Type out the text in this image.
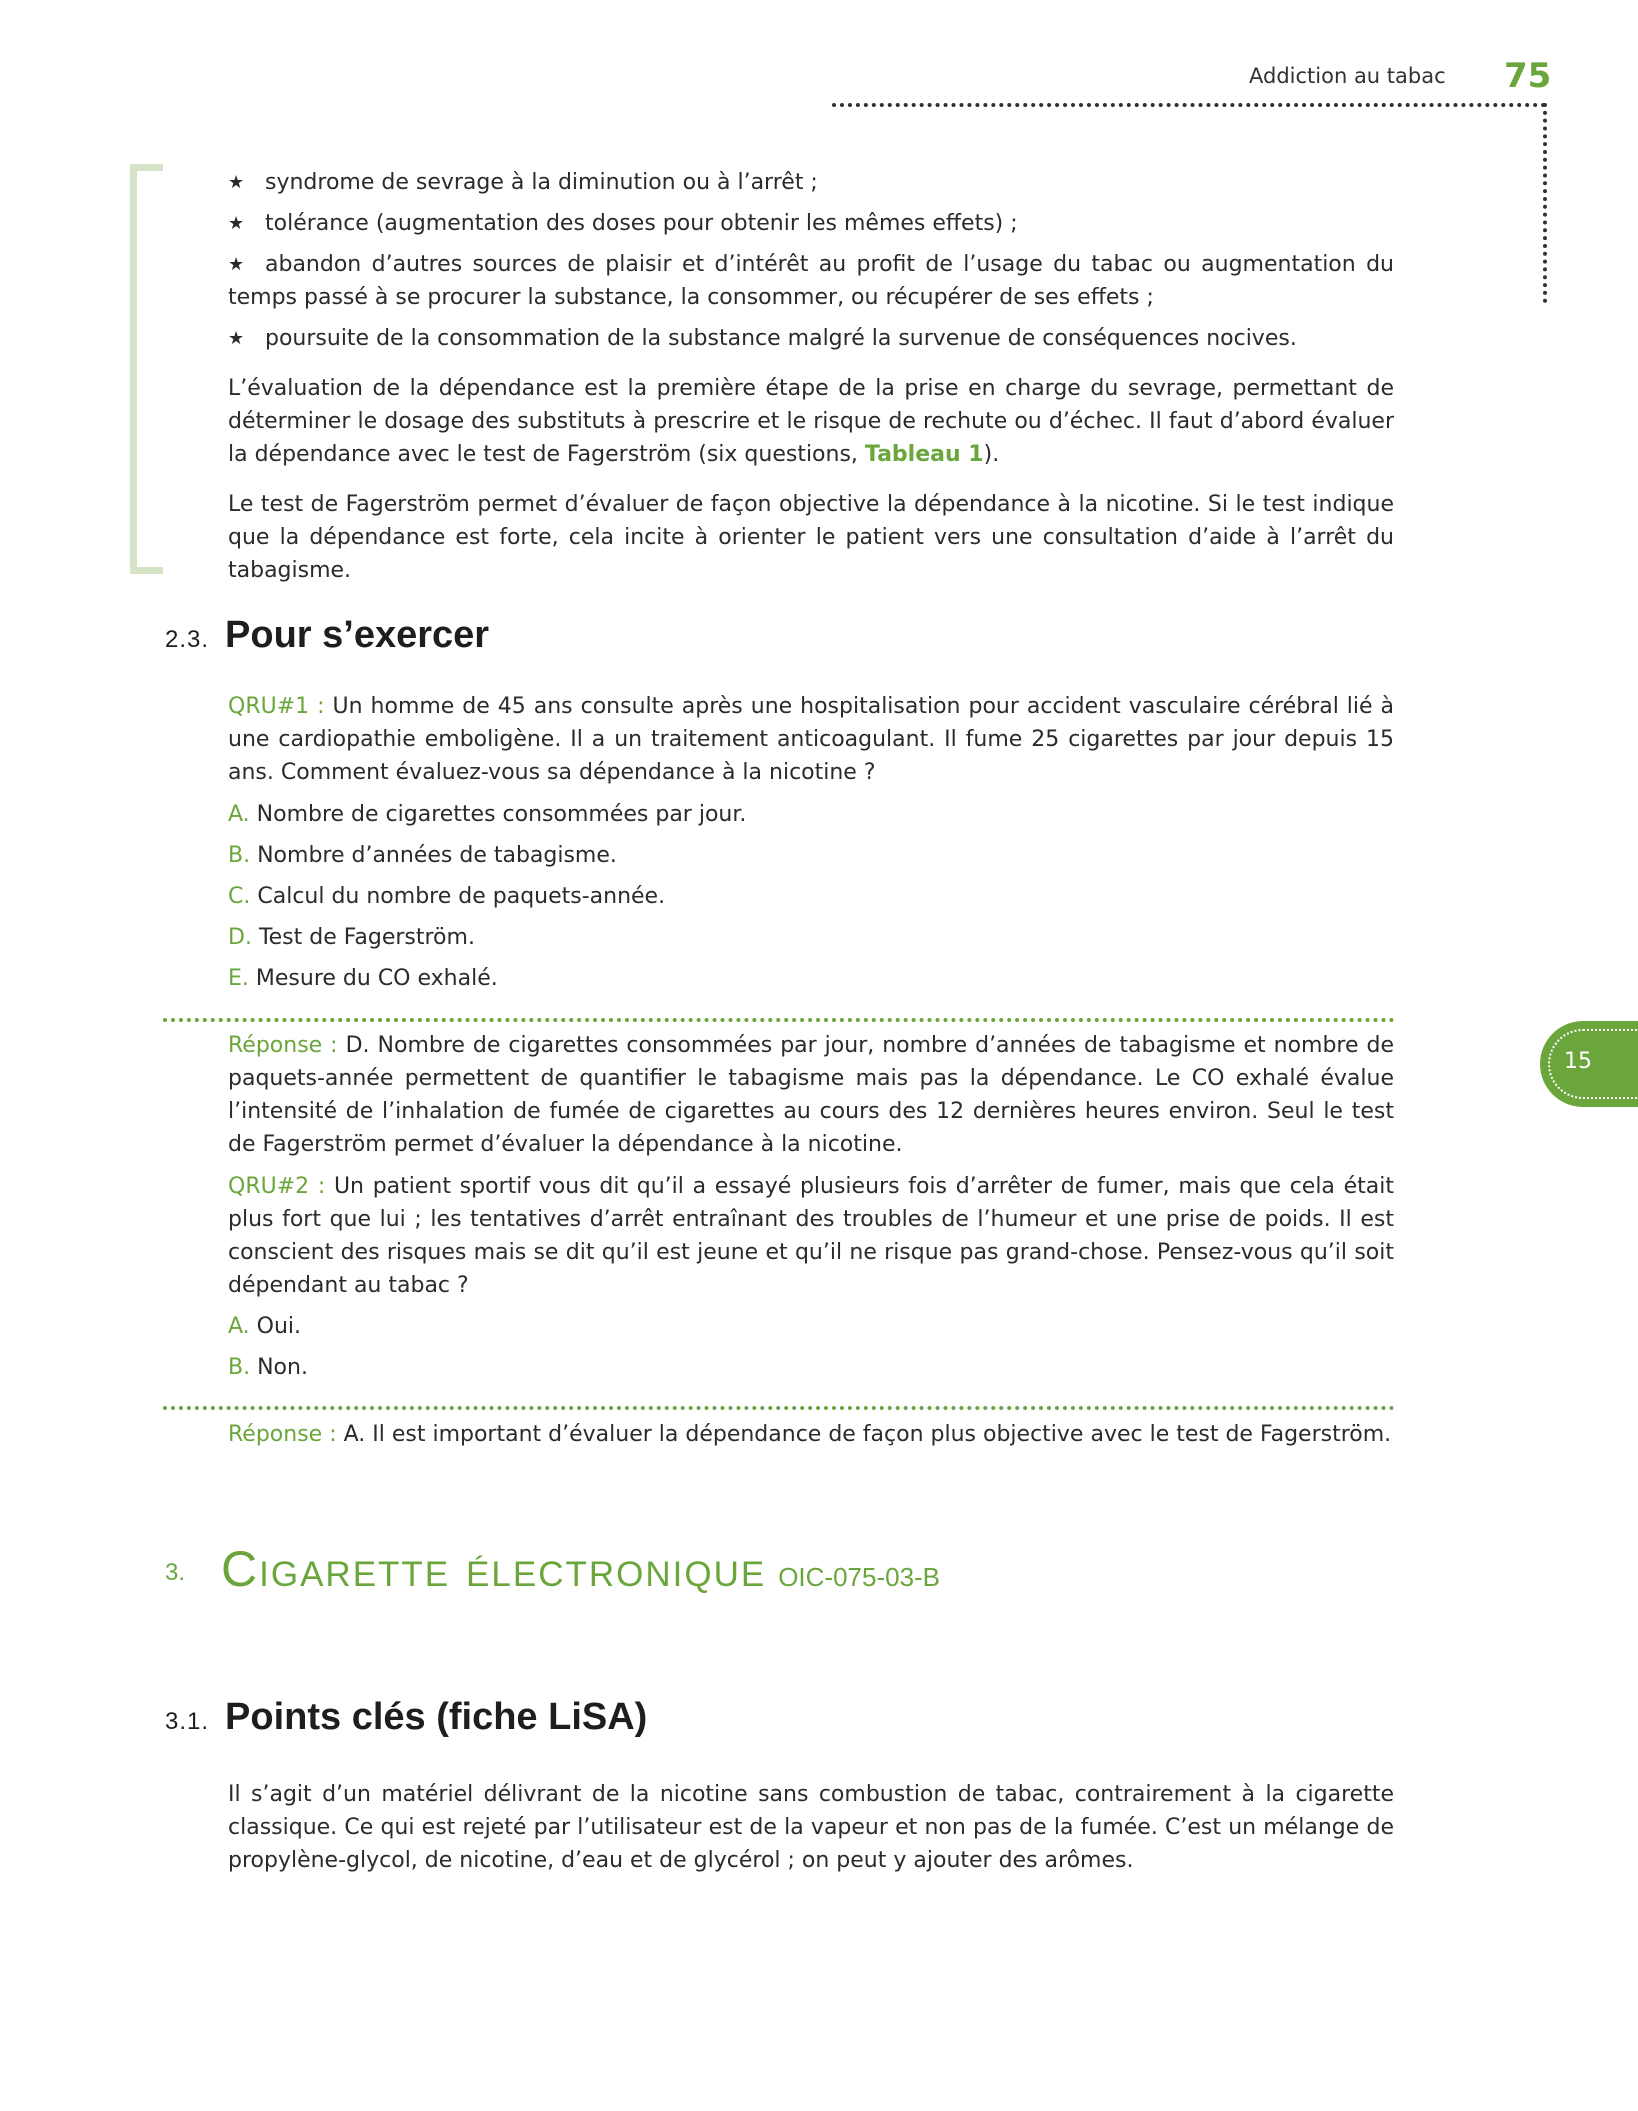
Addiction au tabac 75
15
★ syndrome de sevrage à la diminution ou à l’arrêt ;
★ tolérance (augmentation des doses pour obtenir les mêmes effets) ;
★ abandon d’autres sources de plaisir et d’intérêt au profit de l’usage du tabac ou augmentation du temps passé à se procurer la substance, la consommer, ou récupérer de ses effets ;
★ poursuite de la consommation de la substance malgré la survenue de conséquences nocives.

L’évaluation de la dépendance est la première étape de la prise en charge du sevrage, permettant de déterminer le dosage des substituts à prescrire et le risque de rechute ou d’échec. Il faut d’abord évaluer la dépendance avec le test de Fagerström (six questions, Tableau 1).

Le test de Fagerström permet d’évaluer de façon objective la dépendance à la nicotine. Si le test indique que la dépendance est forte, cela incite à orienter le patient vers une consultation d’aide à l’arrêt du tabagisme.

2.3. Pour s’exercer

QRU#1 : Un homme de 45 ans consulte après une hospitalisation pour accident vasculaire cérébral lié à une cardiopathie emboligène. Il a un traitement anticoagulant. Il fume 25 cigarettes par jour depuis 15 ans. Comment évaluez-vous sa dépendance à la nicotine ?

A. Nombre de cigarettes consommées par jour.
B. Nombre d’années de tabagisme.
C. Calcul du nombre de paquets-année.
D. Test de Fagerström.
E. Mesure du CO exhalé.

Réponse : D. Nombre de cigarettes consommées par jour, nombre d’années de tabagisme et nombre de paquets-année permettent de quantifier le tabagisme mais pas la dépendance. Le CO exhalé évalue l’intensité de l’inhalation de fumée de cigarettes au cours des 12 dernières heures environ. Seul le test de Fagerström permet d’évaluer la dépendance à la nicotine.

QRU#2 : Un patient sportif vous dit qu’il a essayé plusieurs fois d’arrêter de fumer, mais que cela était plus fort que lui ; les tentatives d’arrêt entraînant des troubles de l’humeur et une prise de poids. Il est conscient des risques mais se dit qu’il est jeune et qu’il ne risque pas grand-chose. Pensez-vous qu’il soit dépendant au tabac ?

A. Oui.
B. Non.

Réponse : A. Il est important d’évaluer la dépendance de façon plus objective avec le test de Fagerström.

3. Cigarette électronique OIC-075-03-B
3.1. Points clés (fiche LiSA)

Il s’agit d’un matériel délivrant de la nicotine sans combustion de tabac, contrairement à la cigarette classique. Ce qui est rejeté par l’utilisateur est de la vapeur et non pas de la fumée. C’est un mélange de propylène-glycol, de nicotine, d’eau et de glycérol ; on peut y ajouter des arômes.
